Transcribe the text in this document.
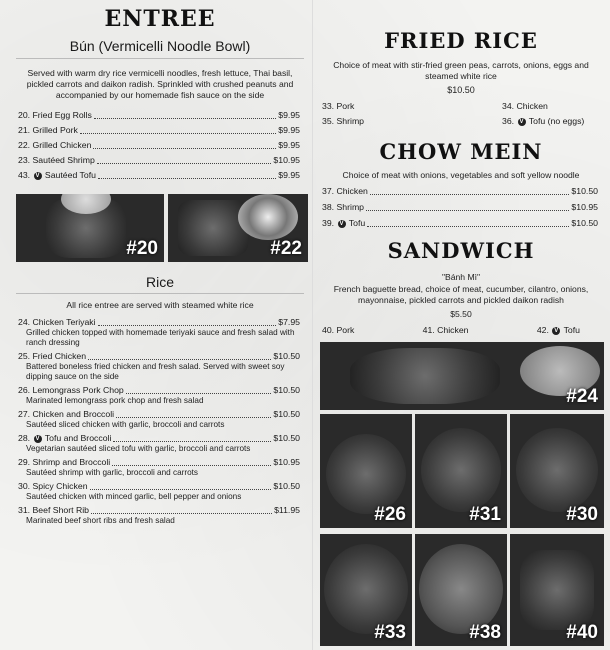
ENTREE
Bún (Vermicelli Noodle Bowl)
Served with warm dry rice vermicelli noodles, fresh lettuce, Thai basil, pickled carrots and daikon radish. Sprinkled with crushed peanuts and accompanied by our homemade fish sauce on the side
20. Fried Egg Rolls	$9.95
21. Grilled Pork	$9.95
22. Grilled Chicken	$9.95
23. Sautéed Shrimp	$10.95
43. V Sautéed Tofu	$9.95
#20	#22
Rice
All rice entree are served with steamed white rice
24. Chicken Teriyaki	$7.95
Grilled chicken topped with homemade teriyaki sauce and fresh salad with ranch dressing
25. Fried Chicken	$10.50
Battered boneless fried chicken and fresh salad. Served with sweet soy dipping sauce on the side
26. Lemongrass Pork Chop	$10.50
Marinated lemongrass pork chop and fresh salad
27. Chicken and Broccoli	$10.50
Sautéed sliced chicken with garlic, broccoli and carrots
28. V Tofu and Broccoli	$10.50
Vegetarian sautéed sliced tofu with garlic, broccoli and carrots
29. Shrimp and Broccoli	$10.95
Sautéed shrimp with garlic, broccoli and carrots
30. Spicy Chicken	$10.50
Sautéed chicken with minced garlic, bell pepper and onions
31. Beef Short Rib	$11.95
Marinated beef short ribs and fresh salad
FRIED RICE
Choice of meat with stir-fried green peas, carrots, onions, eggs and steamed white rice
$10.50
33. Pork	34. Chicken
35. Shrimp	36. V Tofu (no eggs)
CHOW MEIN
Choice of meat with onions, vegetables and soft yellow noodle
37. Chicken	$10.50
38. Shrimp	$10.95
39. V Tofu	$10.50
SANDWICH
"Bánh Mì"
French baguette bread, choice of meat, cucumber, cilantro, onions, mayonnaise, pickled carrots and pickled daikon radish
$5.50
40. Pork	41. Chicken	42. V Tofu
#24
#26	#31	#30
#33	#38	#40
